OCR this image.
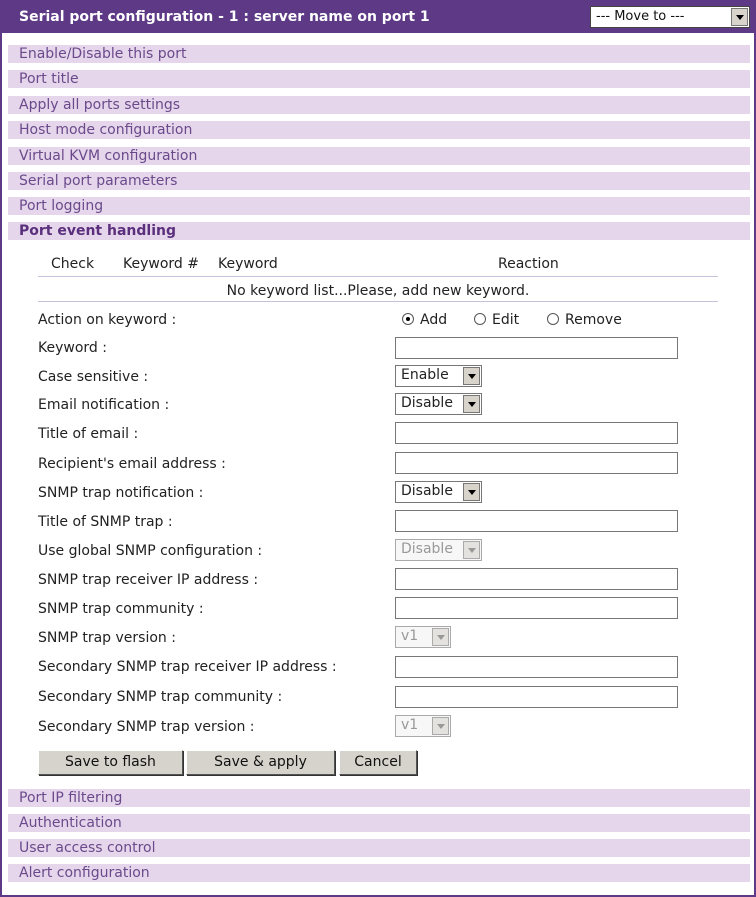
Serial port configuration - 1 : server name on port 1	--- Move to ---
Enable/Disable this port
Port title
Apply all ports settings
Host mode configuration
Virtual KVM configuration
Serial port parameters
Port logging
Port event handling
Check Keyword # Keyword	Reaction
No keyword list...Please, add new keyword.
Action on keyword :	Add	Edit	Remove
Keyword :
Case sensitive :	Enable
Email notification :	Disable
Title of email :
Recipient's email address :
SNMP trap notification :	Disable
Title of SNMP trap :
Use global SNMP configuration :	Disable
SNMP trap receiver IP address :
SNMP trap community :
SNMP trap version :	v1
Secondary SNMP trap receiver IP address :
Secondary SNMP trap community :
Secondary SNMP trap version :	v1
Save to flash	Save & apply	Cancel
Port IP filtering
Authentication
User access control
Alert configuration
